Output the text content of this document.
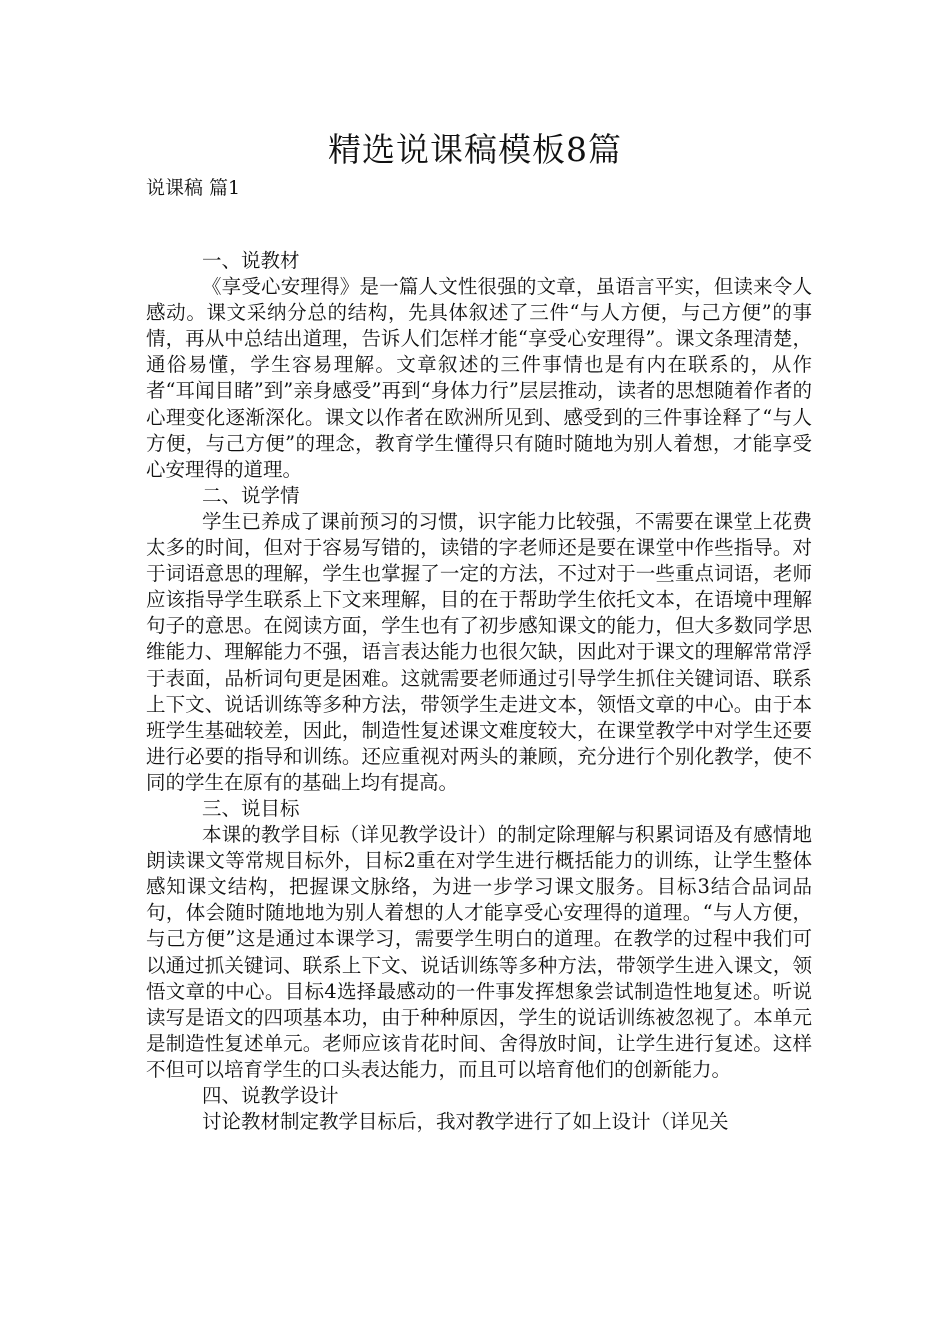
精选说课稿模板8篇

说课稿 篇1

一、说教材

《享受心安理得》是一篇人文性很强的文章，虽语言平实，但读来令人感动。课文采纳分总的结构，先具体叙述了三件“与人方便，与己方便”的事情，再从中总结出道理，告诉人们怎样才能“享受心安理得”。课文条理清楚，通俗易懂，学生容易理解。文章叙述的三件事情也是有内在联系的，从作者“耳闻目睹”到”亲身感受”再到“身体力行”层层推动，读者的思想随着作者的心理变化逐渐深化。课文以作者在欧洲所见到、感受到的三件事诠释了“与人方便，与己方便”的理念，教育学生懂得只有随时随地为别人着想，才能享受心安理得的道理。

二、说学情

学生已养成了课前预习的习惯，识字能力比较强，不需要在课堂上花费太多的时间，但对于容易写错的，读错的字老师还是要在课堂中作些指导。对于词语意思的理解，学生也掌握了一定的方法，不过对于一些重点词语，老师应该指导学生联系上下文来理解，目的在于帮助学生依托文本，在语境中理解句子的意思。在阅读方面，学生也有了初步感知课文的能力，但大多数同学思维能力、理解能力不强，语言表达能力也很欠缺，因此对于课文的理解常常浮于表面，品析词句更是困难。这就需要老师通过引导学生抓住关键词语、联系上下文、说话训练等多种方法，带领学生走进文本，领悟文章的中心。由于本班学生基础较差，因此，制造性复述课文难度较大，在课堂教学中对学生还要进行必要的指导和训练。还应重视对两头的兼顾，充分进行个别化教学，使不同的学生在原有的基础上均有提高。

三、说目标

本课的教学目标（详见教学设计）的制定除理解与积累词语及有感情地朗读课文等常规目标外，目标2重在对学生进行概括能力的训练，让学生整体感知课文结构，把握课文脉络，为进一步学习课文服务。目标3结合品词品句，体会随时随地地为别人着想的人才能享受心安理得的道理。“与人方便，与己方便”这是通过本课学习，需要学生明白的道理。在教学的过程中我们可以通过抓关键词、联系上下文、说话训练等多种方法，带领学生进入课文，领悟文章的中心。目标4选择最感动的一件事发挥想象尝试制造性地复述。听说读写是语文的四项基本功，由于种种原因，学生的说话训练被忽视了。本单元是制造性复述单元。老师应该肯花时间、舍得放时间，让学生进行复述。这样不但可以培育学生的口头表达能力，而且可以培育他们的创新能力。

四、说教学设计

讨论教材制定教学目标后，我对教学进行了如上设计（详见关
